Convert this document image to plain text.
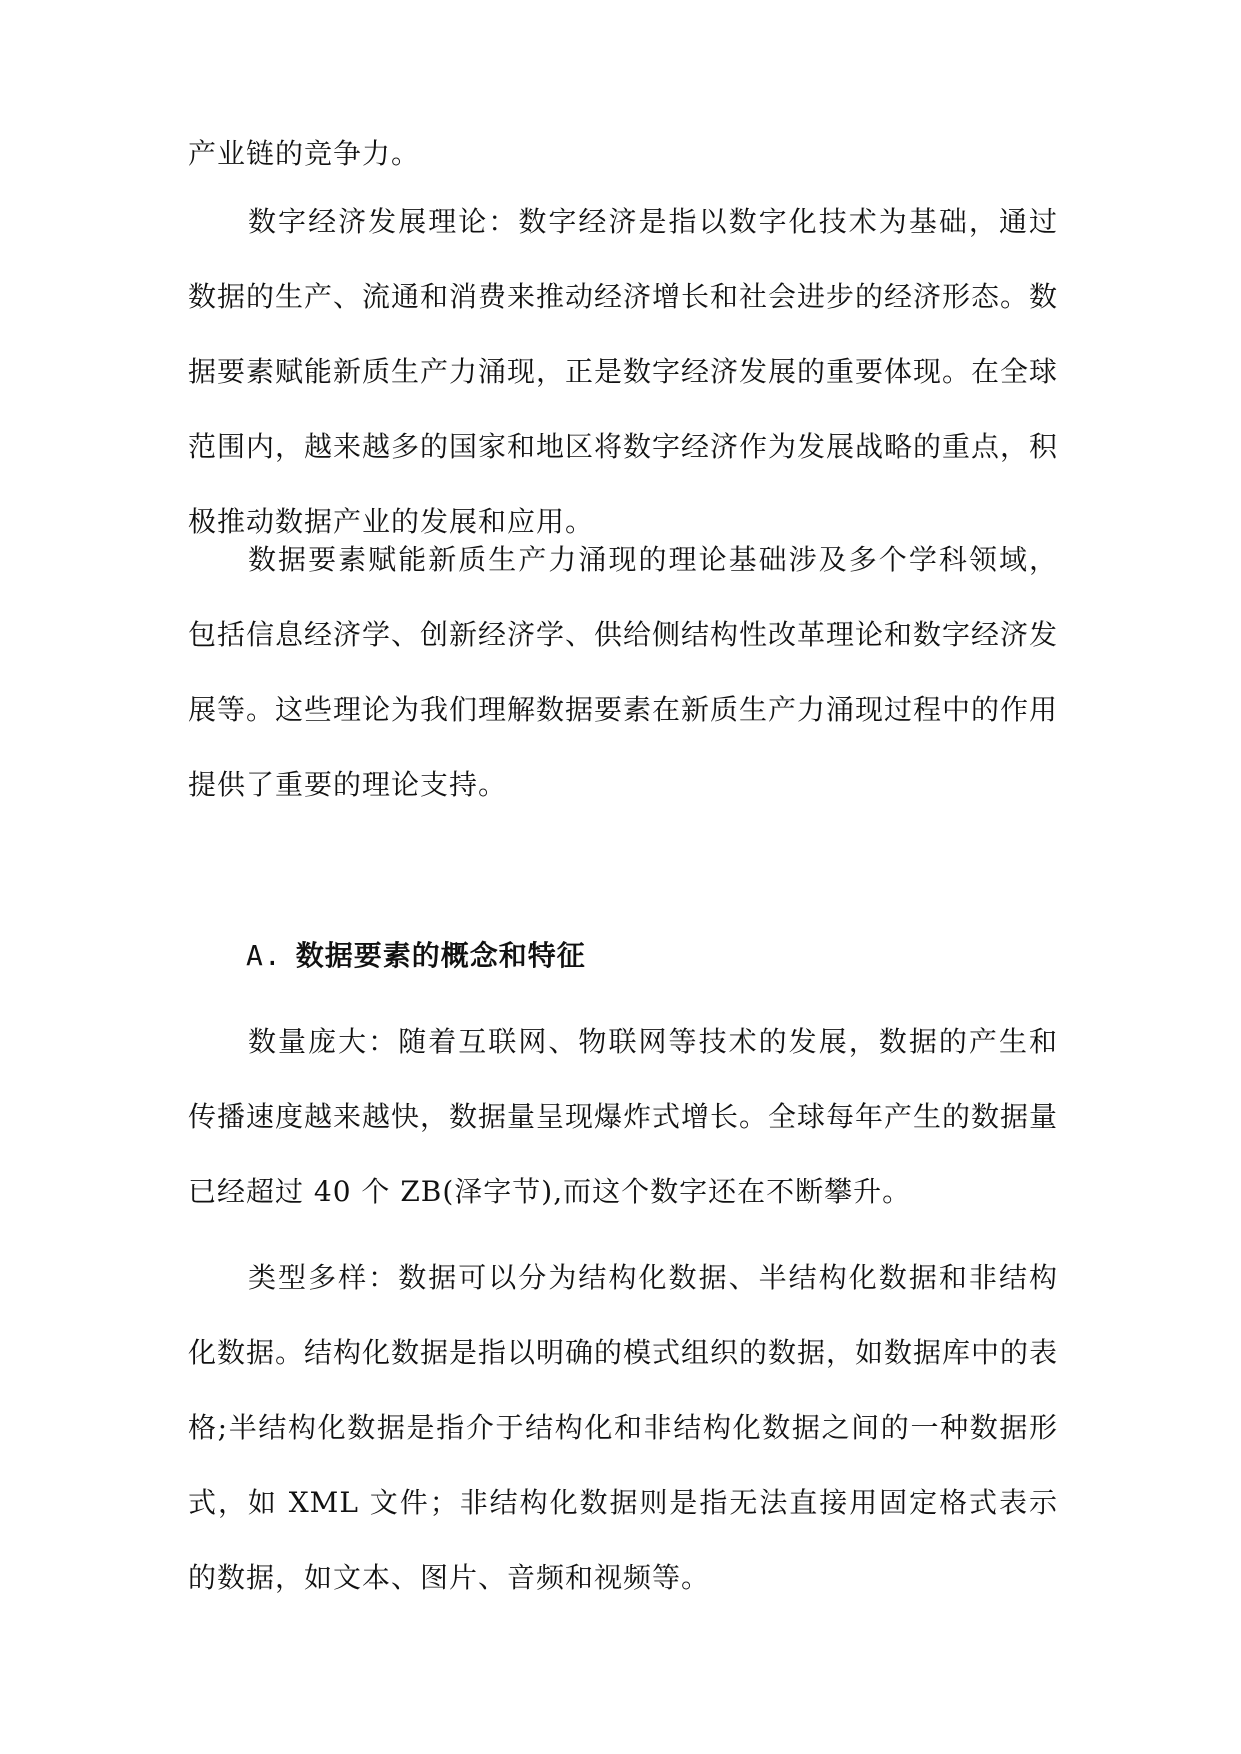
产业链的竞争力。

数字经济发展理论：数字经济是指以数字化技术为基础，通过数据的生产、流通和消费来推动经济增长和社会进步的经济形态。数据要素赋能新质生产力涌现，正是数字经济发展的重要体现。在全球范围内，越来越多的国家和地区将数字经济作为发展战略的重点，积极推动数据产业的发展和应用。

数据要素赋能新质生产力涌现的理论基础涉及多个学科领域，包括信息经济学、创新经济学、供给侧结构性改革理论和数字经济发展等。这些理论为我们理解数据要素在新质生产力涌现过程中的作用提供了重要的理论支持。

A. 数据要素的概念和特征

数量庞大：随着互联网、物联网等技术的发展，数据的产生和传播速度越来越快，数据量呈现爆炸式增长。全球每年产生的数据量已经超过 40 个 ZB(泽字节),而这个数字还在不断攀升。

类型多样：数据可以分为结构化数据、半结构化数据和非结构化数据。结构化数据是指以明确的模式组织的数据，如数据库中的表格;半结构化数据是指介于结构化和非结构化数据之间的一种数据形式，如 XML 文件；非结构化数据则是指无法直接用固定格式表示的数据，如文本、图片、音频和视频等。
